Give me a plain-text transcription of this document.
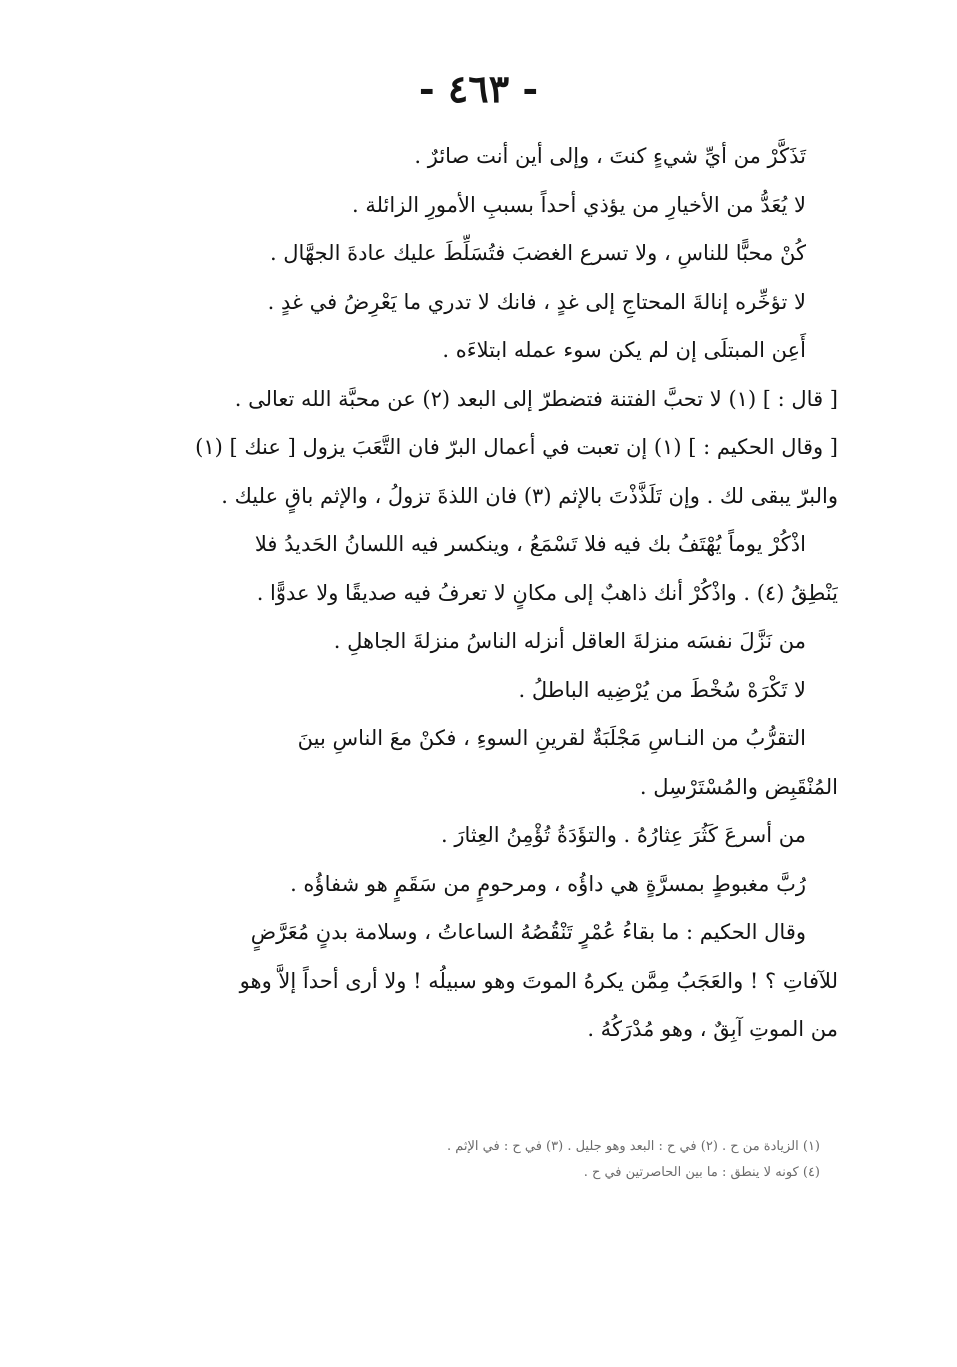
- ٤٦٣ -
تَذَكَّرْ من أيِّ شيءٍ كنتَ ، وإلى أين أنت صائرٌ .
لا يُعَدُّ من الأخيارِ من يؤذي أحداً بسببِ الأمورِ الزائلة .
كُنْ محبًّا للناسِ ، ولا تسرع الغضبَ فتُسَلِّطَ عليك عادةَ الجهَّال .
لا تؤخِّره إنالةَ المحتاجِ إلى غدٍ ، فانك لا تدري ما يَعْرِضُ في غدٍ .
أَعِن المبتلَى إن لم يكن سوء عمله ابتلاءَه .
[ قال : ] (١) لا تحبَّ الفتنة فتضطرّ إلى البعد (٢) عن محبَّة الله تعالى .
[ وقال الحكيم : ] (١) إن تعبت في أعمال البرّ فان التَّعَبَ يزول [ عنك ] (١)
والبرّ يبقى لك . وإن تَلَذَّذْتَ بالإثم (٣) فان اللذةَ تزولُ ، والإثم باقٍ عليك .
اذْكُرْ يوماً يُهْتَفُ بك فيه فلا تَسْمَعُ ، وينكسر فيه اللسانُ الحَديدُ فلا
يَنْطِقُ (٤) . واذْكُرْ أنك ذاهبٌ إلى مكانٍ لا تعرفُ فيه صديقًا ولا عدوًّا .
من نَزَّلَ نفسَه منزلةَ العاقل أنزله الناسُ منزلةَ الجاهلِ .
لا تَكْرَهْ سُخْطَ من يُرْضِيه الباطلُ .
التقرُّبُ من النـاسِ مَجْلَبَةٌ لقرينِ السوءِ ، فكنْ معَ الناسِ بينَ
المُنْقَبِض والمُسْتَرْسِل .
من أسرعَ كَثُرَ عِثارُهُ . والتؤَدَةُ تُؤْمِنُ العِثارَ .
رُبَّ مغبوطٍ بمسرَّةٍ هي داؤُه ، ومرحومٍ من سَقَمٍ هو شفاؤُه .
وقال الحكيم : ما بقاءُ عُمْرٍ تَنْقُصُهُ الساعاتُ ، وسلامة بدنٍ مُعَرَّضٍ
للآفاتِ ؟ ! والعَجَبُ مِمَّن يكرهُ الموتَ وهو سبيلُه ! ولا أرى أحداً إلاَّ وهو
من الموتِ آبِقٌ ، وهو مُدْرَكُهُ .
(١) الزيادة من ح . (٢) في ح : البعد وهو جليل . (٣) في ح : في الإثم .
(٤) كونه لا ينطق : ما بين الحاصرتين في ح .
